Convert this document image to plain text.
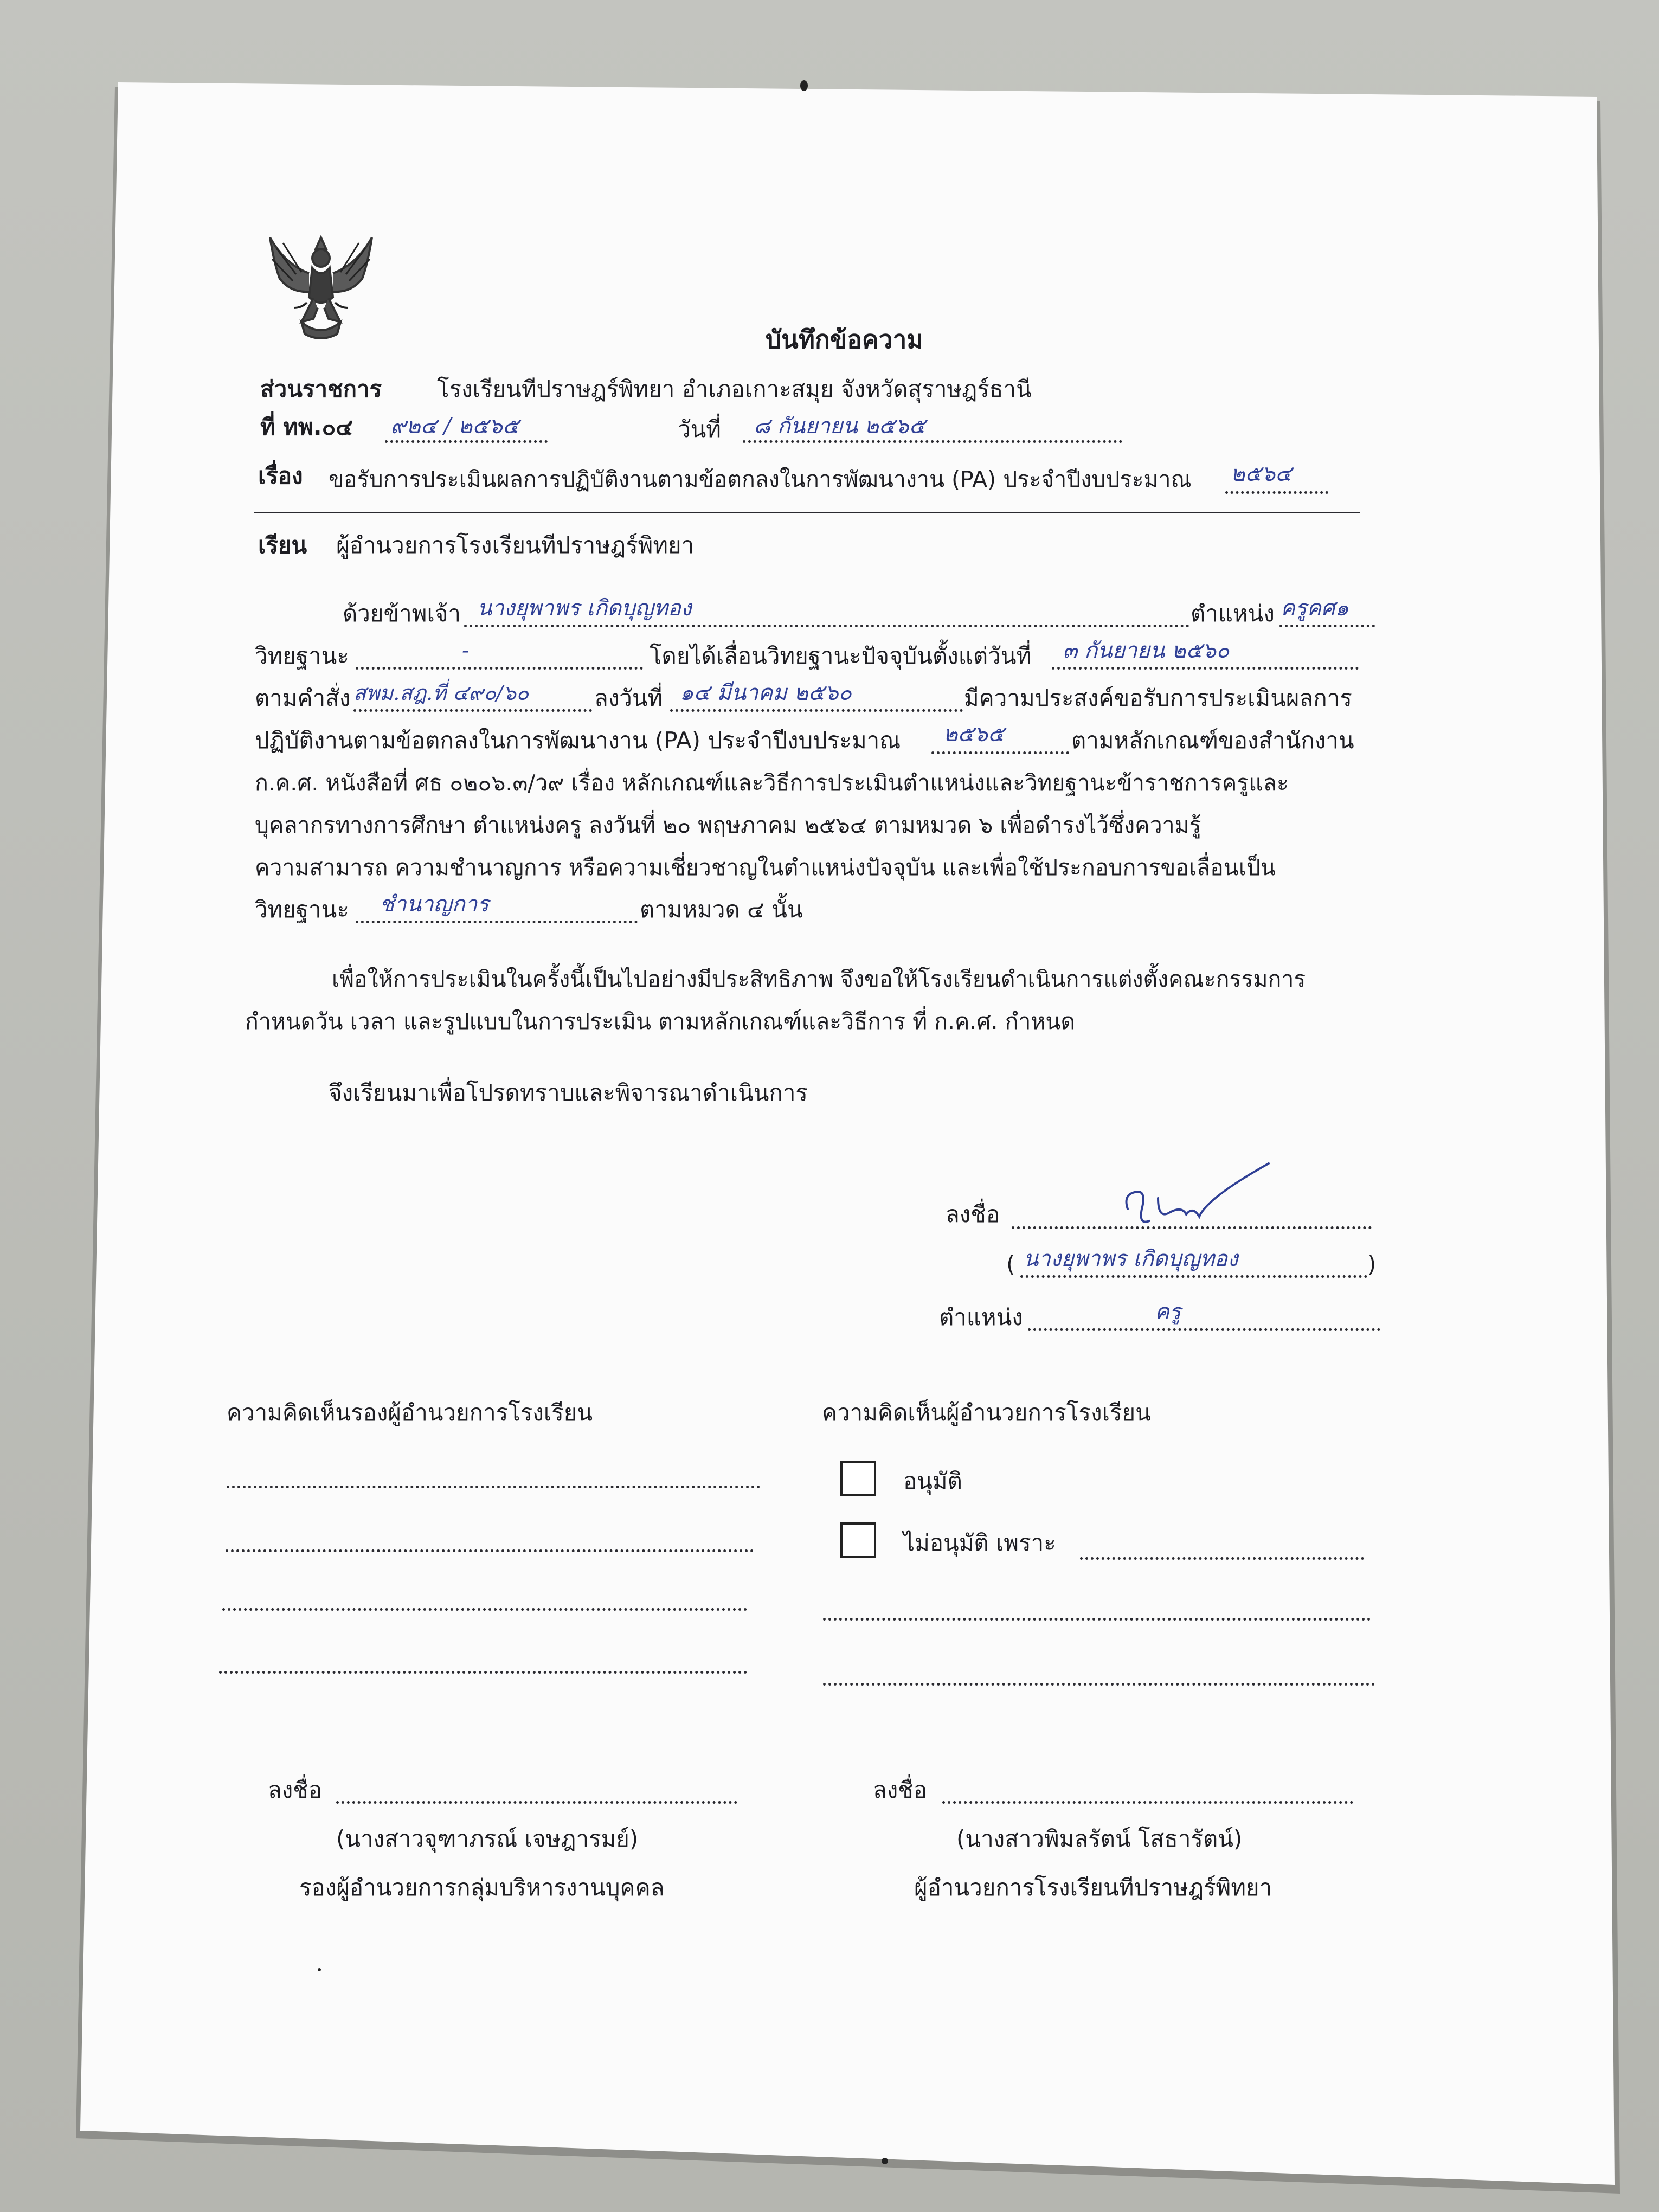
บันทึกข้อความ
ส่วนราชการ โรงเรียนทีปราษฎร์พิทยา อำเภอเกาะสมุย จังหวัดสุราษฎร์ธานี
ที่ ทพ.๐๔ ๙๒๔ / ๒๕๖๕	วันที่ ๘ กันยายน ๒๕๖๕
เรื่อง ขอรับการประเมินผลการปฏิบัติงานตามข้อตกลงในการพัฒนางาน (PA) ประจำปีงบประมาณ ๒๕๖๔
เรียน ผู้อำนวยการโรงเรียนทีปราษฎร์พิทยา
ด้วยข้าพเจ้า นางยุพาพร เกิดบุญทอง	ตำแหน่ง ครูคศ๑
วิทยฐานะ	-	โดยได้เลื่อนวิทยฐานะปัจจุบันตั้งแต่วันที่ ๓ กันยายน ๒๕๖๐
ตามคำสั่ง สพม.สฎ.ที่ ๔๙๐/๖๐	ลงวันที่ ๑๔ มีนาคม ๒๕๖๐	มีความประสงค์ขอรับการประเมินผลการ
ปฏิบัติงานตามข้อตกลงในการพัฒนางาน (PA) ประจำปีงบประมาณ ๒๕๖๕	ตามหลักเกณฑ์ของสำนักงาน
ก.ค.ศ. หนังสือที่ ศธ ๐๒๐๖.๓/ว๙ เรื่อง หลักเกณฑ์และวิธีการประเมินตำแหน่งและวิทยฐานะข้าราชการครูและ
บุคลากรทางการศึกษา ตำแหน่งครู ลงวันที่ ๒๐ พฤษภาคม ๒๕๖๔ ตามหมวด ๖ เพื่อดำรงไว้ซึ่งความรู้
ความสามารถ ความชำนาญการ หรือความเชี่ยวชาญในตำแหน่งปัจจุบัน และเพื่อใช้ประกอบการขอเลื่อนเป็น
วิทยฐานะ ชำนาญการ	ตามหมวด ๔ นั้น
เพื่อให้การประเมินในครั้งนี้เป็นไปอย่างมีประสิทธิภาพ จึงขอให้โรงเรียนดำเนินการแต่งตั้งคณะกรรมการ
กำหนดวัน เวลา และรูปแบบในการประเมิน ตามหลักเกณฑ์และวิธีการ ที่ ก.ค.ศ. กำหนด
จึงเรียนมาเพื่อโปรดทราบและพิจารณาดำเนินการ
ลงชื่อ
( นางยุพาพร เกิดบุญทอง	)
ตำแหน่ง	ครู
ความคิดเห็นรองผู้อำนวยการโรงเรียน	ความคิดเห็นผู้อำนวยการโรงเรียน
อนุมัติ
ไม่อนุมัติ เพราะ
ลงชื่อ
(นางสาวจุฑาภรณ์ เจษฎารมย์)
รองผู้อำนวยการกลุ่มบริหารงานบุคคล
ลงชื่อ
(นางสาวพิมลรัตน์ โสธารัตน์)
ผู้อำนวยการโรงเรียนทีปราษฎร์พิทยา
